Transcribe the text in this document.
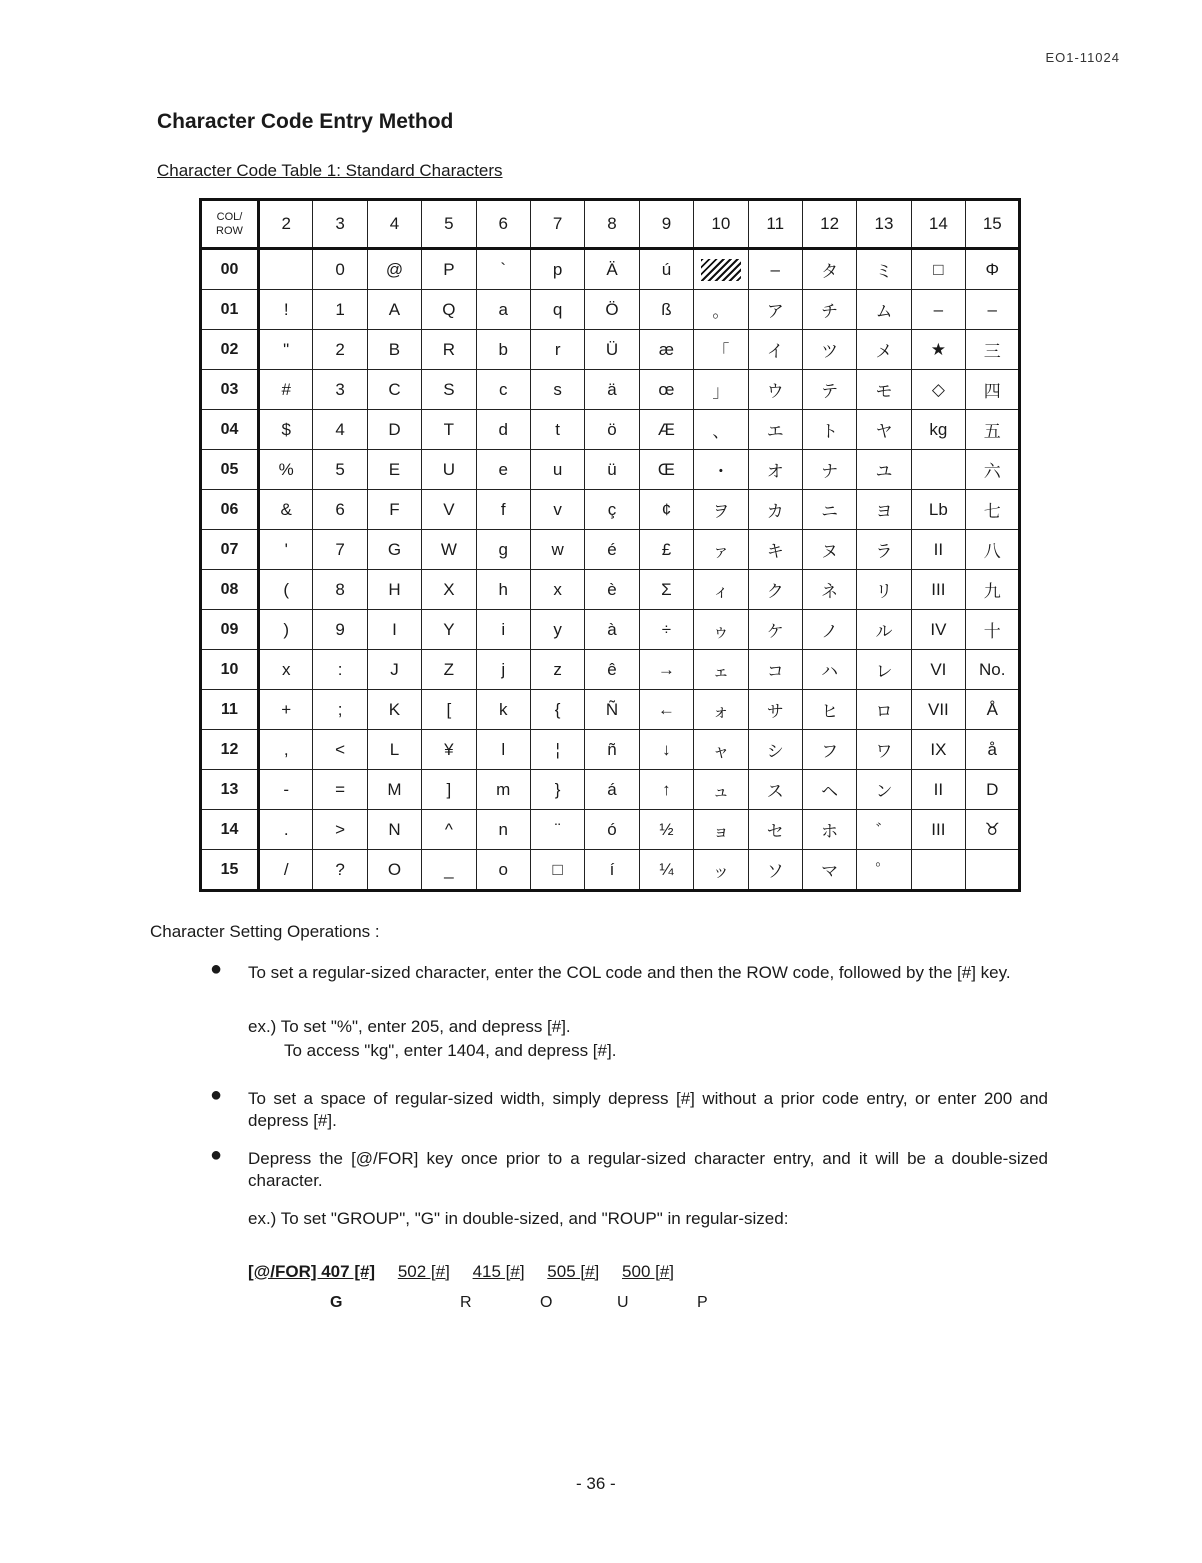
EO1-11024
Character Code Entry Method
Character Code Table 1: Standard Characters
COL/ ROW	2	3	4	5	6	7	8	9	10	11	12	13	14	15
00		0	@	P	`	p	Ä	ú		–	タ	ミ	□	Φ
01	!	1	A	Q	a	q	Ö	ß	。	ア	チ	ム	–	–
02	"	2	B	R	b	r	Ü	æ	「	イ	ツ	メ	★	三
03	#	3	C	S	c	s	ä	œ	」	ウ	テ	モ	◇	四
04	$	4	D	T	d	t	ö	Æ	、	エ	ト	ヤ	kg	五
05	%	5	E	U	e	u	ü	Œ	・	オ	ナ	ユ		六
06	&	6	F	V	f	v	ç	¢	ヲ	カ	ニ	ヨ	Lb	七
07	'	7	G	W	g	w	é	£	ァ	キ	ヌ	ラ	II	八
08	(	8	H	X	h	x	è	Σ	ィ	ク	ネ	リ	III	九
09	)	9	I	Y	i	y	à	÷	ゥ	ケ	ノ	ル	IV	十
10	x	:	J	Z	j	z	ê	→	ェ	コ	ハ	レ	VI	No.
11	+	;	K	[	k	{	Ñ	←	ォ	サ	ヒ	ロ	VII	Å
12	,	<	L	¥	l	¦	ñ	↓	ャ	シ	フ	ワ	IX	å
13	-	=	M	]	m	}	á	↑	ュ	ス	ヘ	ン	II	D
14	.	>	N	^	n	¨	ó	½	ョ	セ	ホ	゛	III	♉
15	/	?	O	_	o	□	í	¼	ッ	ソ	マ	゜		
Character Setting Operations :
● To set a regular-sized character, enter the COL code and then the ROW code, followed by the [#] key.
ex.) To set "%", enter 205, and depress [#].
To access "kg", enter 1404, and depress [#].
● To set a space of regular-sized width, simply depress [#] without a prior code entry, or enter 200 and depress [#].
● Depress the [@/FOR] key once prior to a regular-sized character entry, and it will be a double-sized character.
ex.) To set "GROUP", "G" in double-sized, and "ROUP" in regular-sized:
[@/FOR] 407 [#] 502 [#] 415 [#] 505 [#] 500 [#]
G	R	O	U	P
- 36 -
